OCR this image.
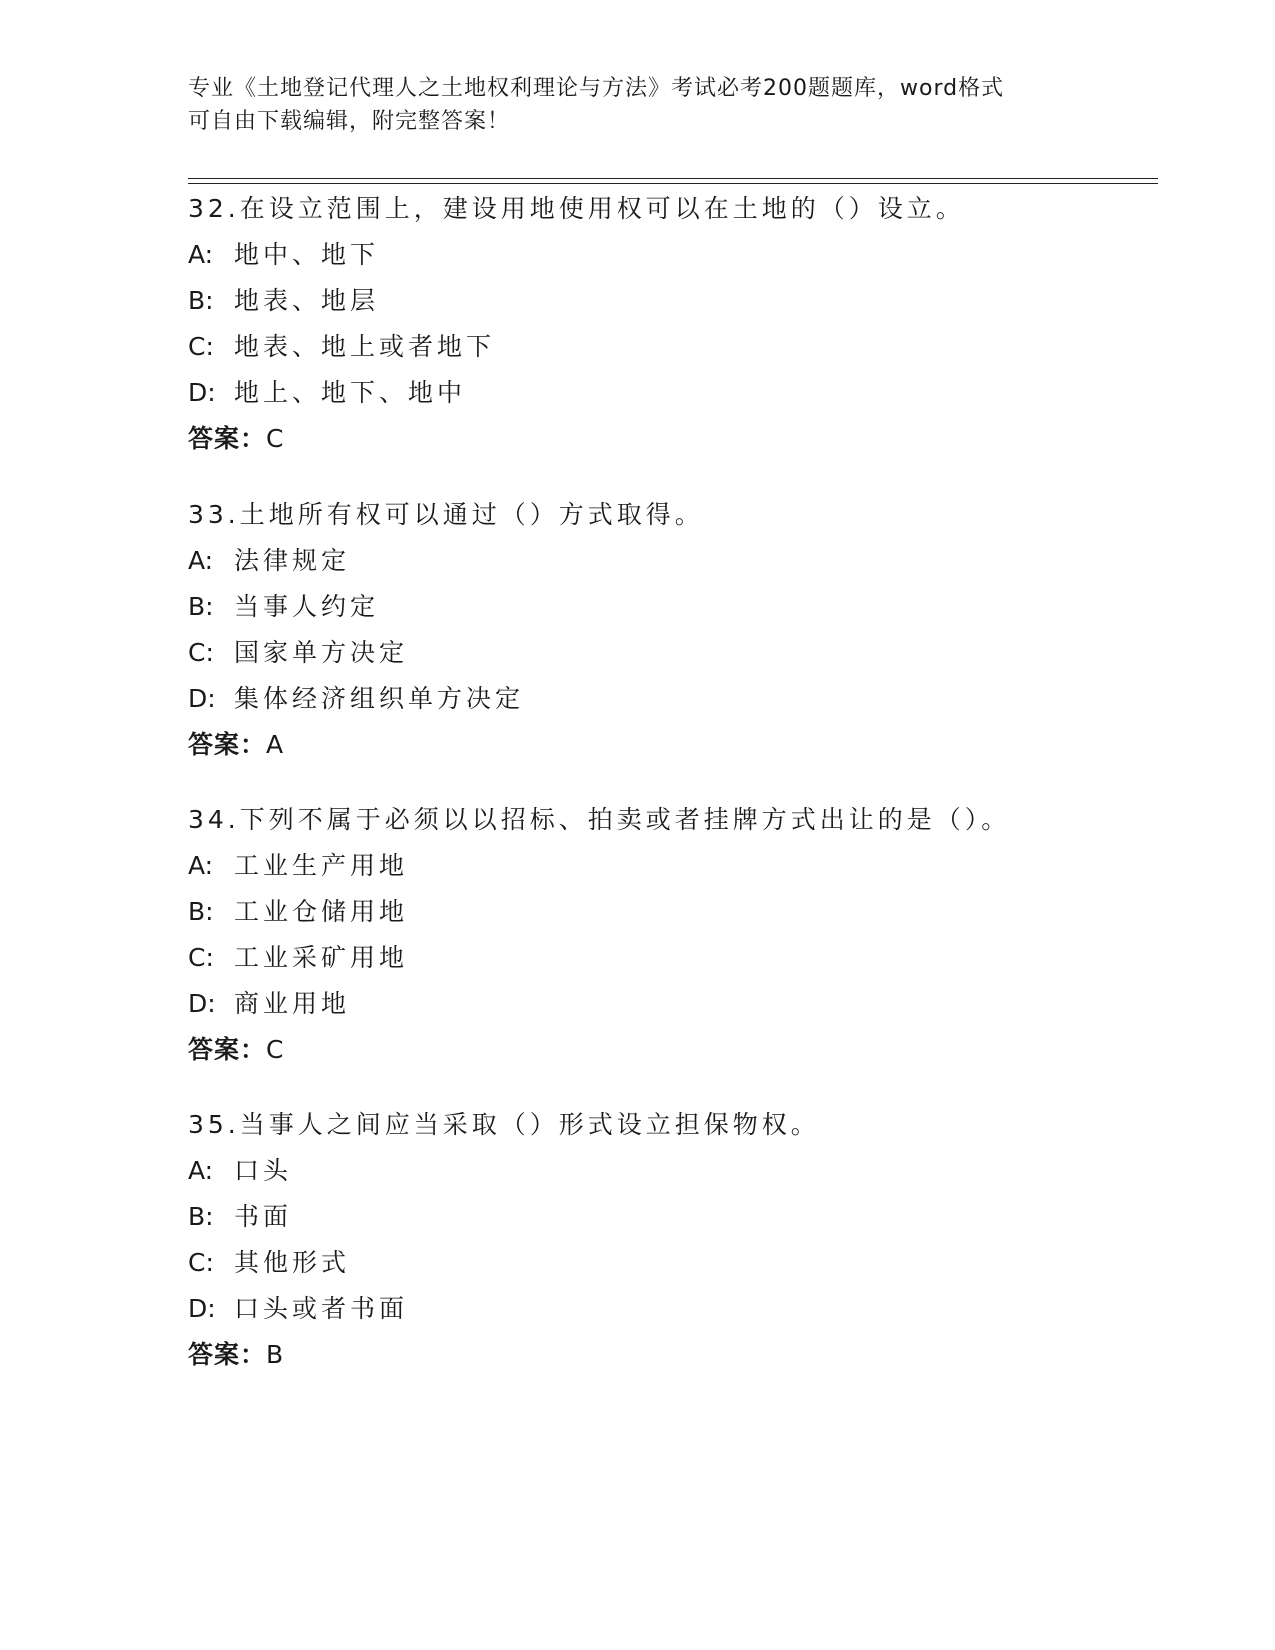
专业《土地登记代理人之土地权利理论与方法》考试必考200题题库，word格式
可自由下载编辑，附完整答案！
32.在设立范围上，建设用地使用权可以在土地的（）设立。
A: 地中、地下
B: 地表、地层
C: 地表、地上或者地下
D: 地上、地下、地中
答案：C
33.土地所有权可以通过（）方式取得。
A: 法律规定
B: 当事人约定
C: 国家单方决定
D: 集体经济组织单方决定
答案：A
34.下列不属于必须以以招标、拍卖或者挂牌方式出让的是（）。
A: 工业生产用地
B: 工业仓储用地
C: 工业采矿用地
D: 商业用地
答案：C
35.当事人之间应当采取（）形式设立担保物权。
A: 口头
B: 书面
C: 其他形式
D: 口头或者书面
答案：B
